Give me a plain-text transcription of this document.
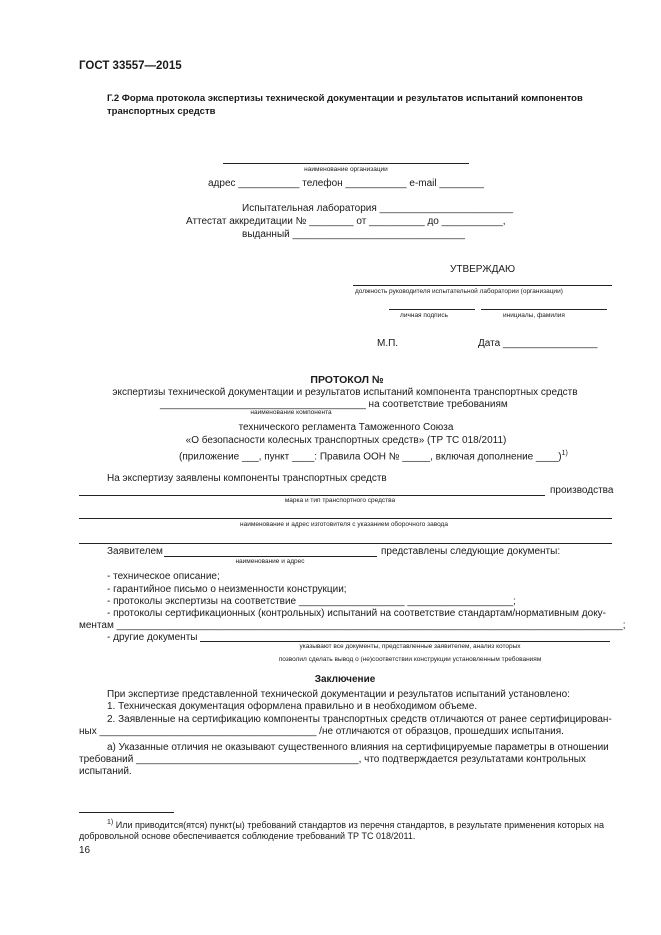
ГОСТ 33557—2015
Г.2 Форма протокола экспертизы технической документации и результатов испытаний компонентов транспортных средств
наименование организации
адрес ___________ телефон ___________ e-mail ________
Испытательная лаборатория ________________________
Аттестат аккредитации № ________ от __________ до ___________,
выданный _______________________________
УТВЕРЖДАЮ
должность руководителя испытательной лаборатории (организации)
личная подпись	инициалы, фамилия
М.П.	Дата _________________
ПРОТОКОЛ №
экспертизы технической документации и результатов испытаний компонента транспортных средств
_____________________________________ на соответствие требованиям
наименование компонента
технического регламента Таможенного Союза
«О безопасности колесных транспортных средств» (ТР ТС 018/2011)
(приложение ___, пункт ____: Правила ООН № _____, включая дополнение ____)$^{1)}$
На экспертизу заявлены компоненты транспортных средств
производства
марка и тип транспортного средства
наименование и адрес изготовителя с указанием оборочного завода
Заявителем	представлены следующие документы:
наименование и адрес
- техническое описание;
- гарантийное письмо о неизменности конструкции;
- протоколы экспертизы на соответствие ___________________ ___________________;
- протоколы сертификационных (контрольных) испытаний на соответствие стандартам/нормативным доку-
ментам ___________________________________________________________________________________________;
- другие документы
указывают все документы, представленные заявителем, анализ которых
позволил сделать вывод о (не)соответствии конструкции установленным требованиям
Заключение
При экспертизе представленной технической документации и результатов испытаний установлено:
1. Техническая документация оформлена правильно и в необходимом объеме.
2. Заявленные на сертификацию компоненты транспортных средств отличаются от ранее сертифицирован-
ных _______________________________________ /не отличаются от образцов, прошедших испытания.
а) Указанные отличия не оказывают существенного влияния на сертифицируемые параметры в отношении
требований ________________________________________, что подтверждается результатами контрольных
испытаний.
$^{1)}$ Или приводится(ятся) пункт(ы) требований стандартов из перечня стандартов, в результате применения которых на добровольной основе обеспечивается соблюдение требований ТР ТС 018/2011.
16
